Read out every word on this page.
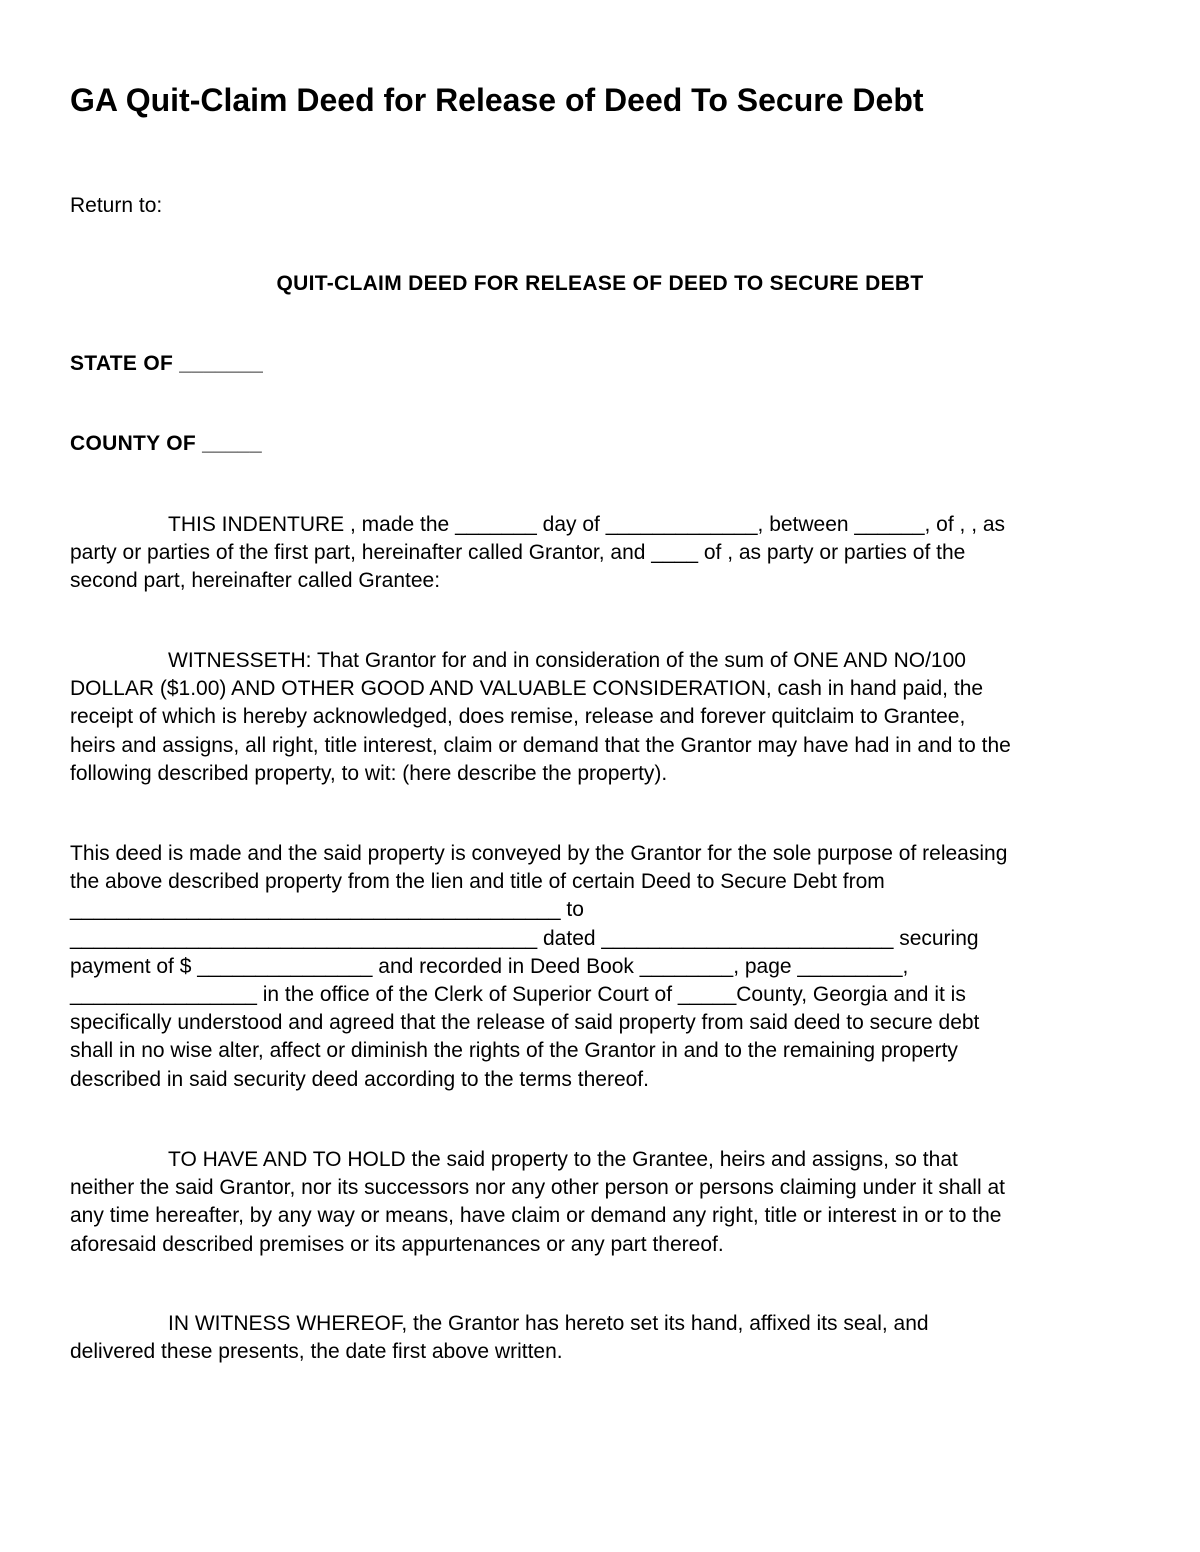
GA Quit-Claim Deed for Release of Deed To Secure Debt
Return to:
QUIT-CLAIM DEED FOR RELEASE OF DEED TO SECURE DEBT
STATE OF _______
COUNTY OF _____
THIS INDENTURE , made the _______ day of _____________, between ______, of , , as
party or parties of the first part, hereinafter called Grantor, and ____ of , as party or parties of the
second part, hereinafter called Grantee:
WITNESSETH: That Grantor for and in consideration of the sum of ONE AND NO/100
DOLLAR ($1.00) AND OTHER GOOD AND VALUABLE CONSIDERATION, cash in hand paid, the
receipt of which is hereby acknowledged, does remise, release and forever quitclaim to Grantee,
heirs and assigns, all right, title interest, claim or demand that the Grantor may have had in and to the
following described property, to wit: (here describe the property).
This deed is made and the said property is conveyed by the Grantor for the sole purpose of releasing
the above described property from the lien and title of certain Deed to Secure Debt from
__________________________________________ to
________________________________________ dated _________________________ securing
payment of $ _______________ and recorded in Deed Book ________, page _________,
________________ in the office of the Clerk of Superior Court of _____County, Georgia and it is
specifically understood and agreed that the release of said property from said deed to secure debt
shall in no wise alter, affect or diminish the rights of the Grantor in and to the remaining property
described in said security deed according to the terms thereof.
TO HAVE AND TO HOLD the said property to the Grantee, heirs and assigns, so that
neither the said Grantor, nor its successors nor any other person or persons claiming under it shall at
any time hereafter, by any way or means, have claim or demand any right, title or interest in or to the
aforesaid described premises or its appurtenances or any part thereof.
IN WITNESS WHEREOF, the Grantor has hereto set its hand, affixed its seal, and
delivered these presents, the date first above written.
